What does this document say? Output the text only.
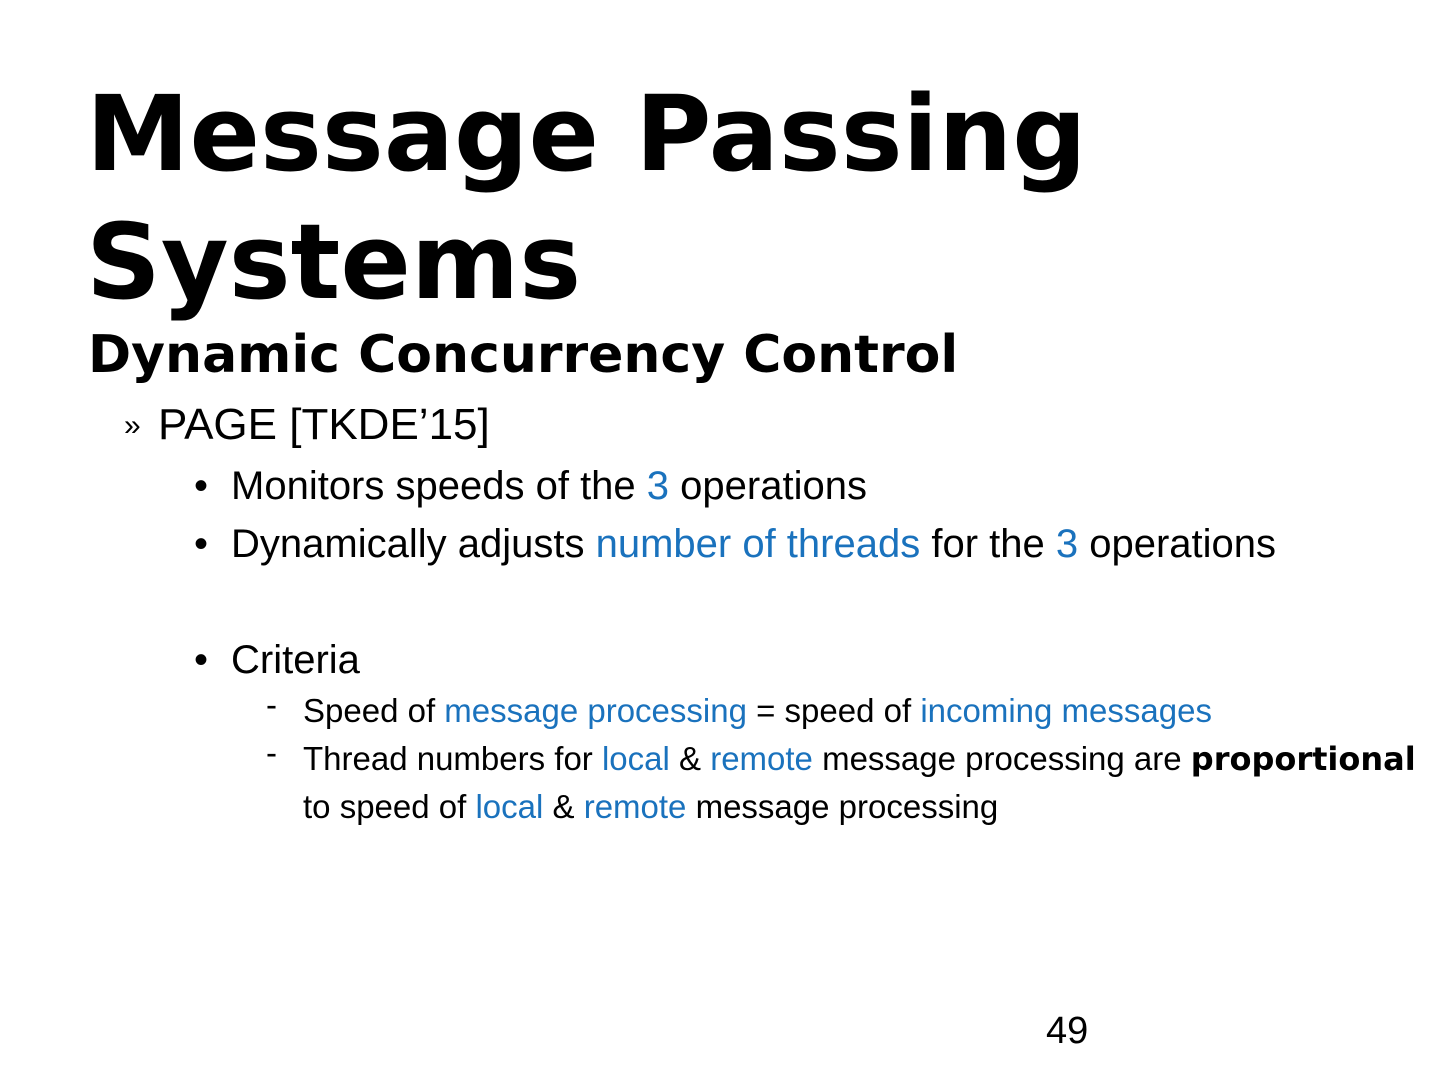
Message Passing
Systems
Dynamic Concurrency Control
» PAGE [TKDE’15]
• Monitors speeds of the 3 operations
• Dynamically adjusts number of threads for the 3 operations
• Criteria
- Speed of message processing = speed of incoming messages
- Thread numbers for local & remote message processing are proportional to speed of local & remote message processing
49
